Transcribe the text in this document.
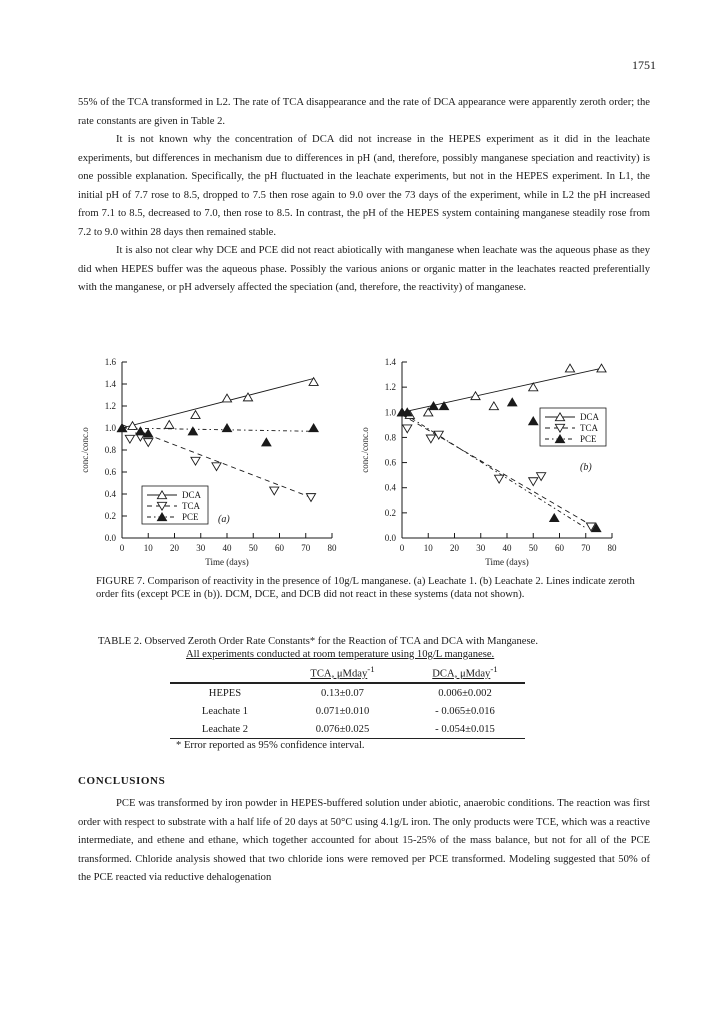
1751

55% of the TCA transformed in L2. The rate of TCA disappearance and the rate of DCA appearance were apparently zeroth order; the rate constants are given in Table 2.

It is not known why the concentration of DCA did not increase in the HEPES experiment as it did in the leachate experiments, but differences in mechanism due to differences in pH (and, therefore, possibly manganese speciation and reactivity) is one possible explanation. Specifically, the pH fluctuated in the leachate experiments, but not in the HEPES experiment. In L1, the initial pH of 7.7 rose to 8.5, dropped to 7.5 then rose again to 9.0 over the 73 days of the experiment, while in L2 the pH increased from 7.1 to 8.5, decreased to 7.0, then rose to 8.5. In contrast, the pH of the HEPES system containing manganese steadily rose from 7.2 to 9.0 within 28 days then remained stable.

It is also not clear why DCE and PCE did not react abiotically with manganese when leachate was the aqueous phase as they did when HEPES buffer was the aqueous phase. Possibly the various anions or organic matter in the leachates reacted preferentially with the manganese, or pH adversely affected the speciation (and, therefore, the reactivity) of manganese.

0.0
0.2
0.4
0.6
0.8
1.0
1.2
1.4
1.6
0 10 20 30 40 50 60 70 80
Time (days)
conc./conc.o
DCA
TCA
PCE (a)
0.0
0.2
0.4
0.6
0.8
1.0
1.2
1.4
0 10 20 30 40 50 60 70 80
Time (days)
conc./conc.o
DCA
TCA
PCE
(b)

FIGURE 7. Comparison of reactivity in the presence of 10g/L manganese. (a) Leachate 1. (b) Leachate 2. Lines indicate zeroth order fits (except PCE in (b)). DCM, DCE, and DCB did not react in these systems (data not shown).

TABLE 2. Observed Zeroth Order Rate Constants* for the Reaction of TCA and DCA with Manganese.

All experiments conducted at room temperature using 10g/L manganese.

	TCA, μMday$^{-1}$	DCA, μMday$^{-1}$
HEPES	0.13±0.07	0.006±0.002
Leachate 1	0.071±0.010	- 0.065±0.016
Leachate 2	0.076±0.025	- 0.054±0.015
* Error reported as 95% confidence interval.
CONCLUSIONS

PCE was transformed by iron powder in HEPES-buffered solution under abiotic, anaerobic conditions. The reaction was first order with respect to substrate with a half life of 20 days at 50°C using 4.1g/L iron. The only products were TCE, which was a reactive intermediate, and ethene and ethane, which together accounted for about 15-25% of the mass balance, but not for all of the PCE transformed. Chloride analysis showed that two chloride ions were removed per PCE transformed. Modeling suggested that 50% of the PCE reacted via reductive dehalogenation
